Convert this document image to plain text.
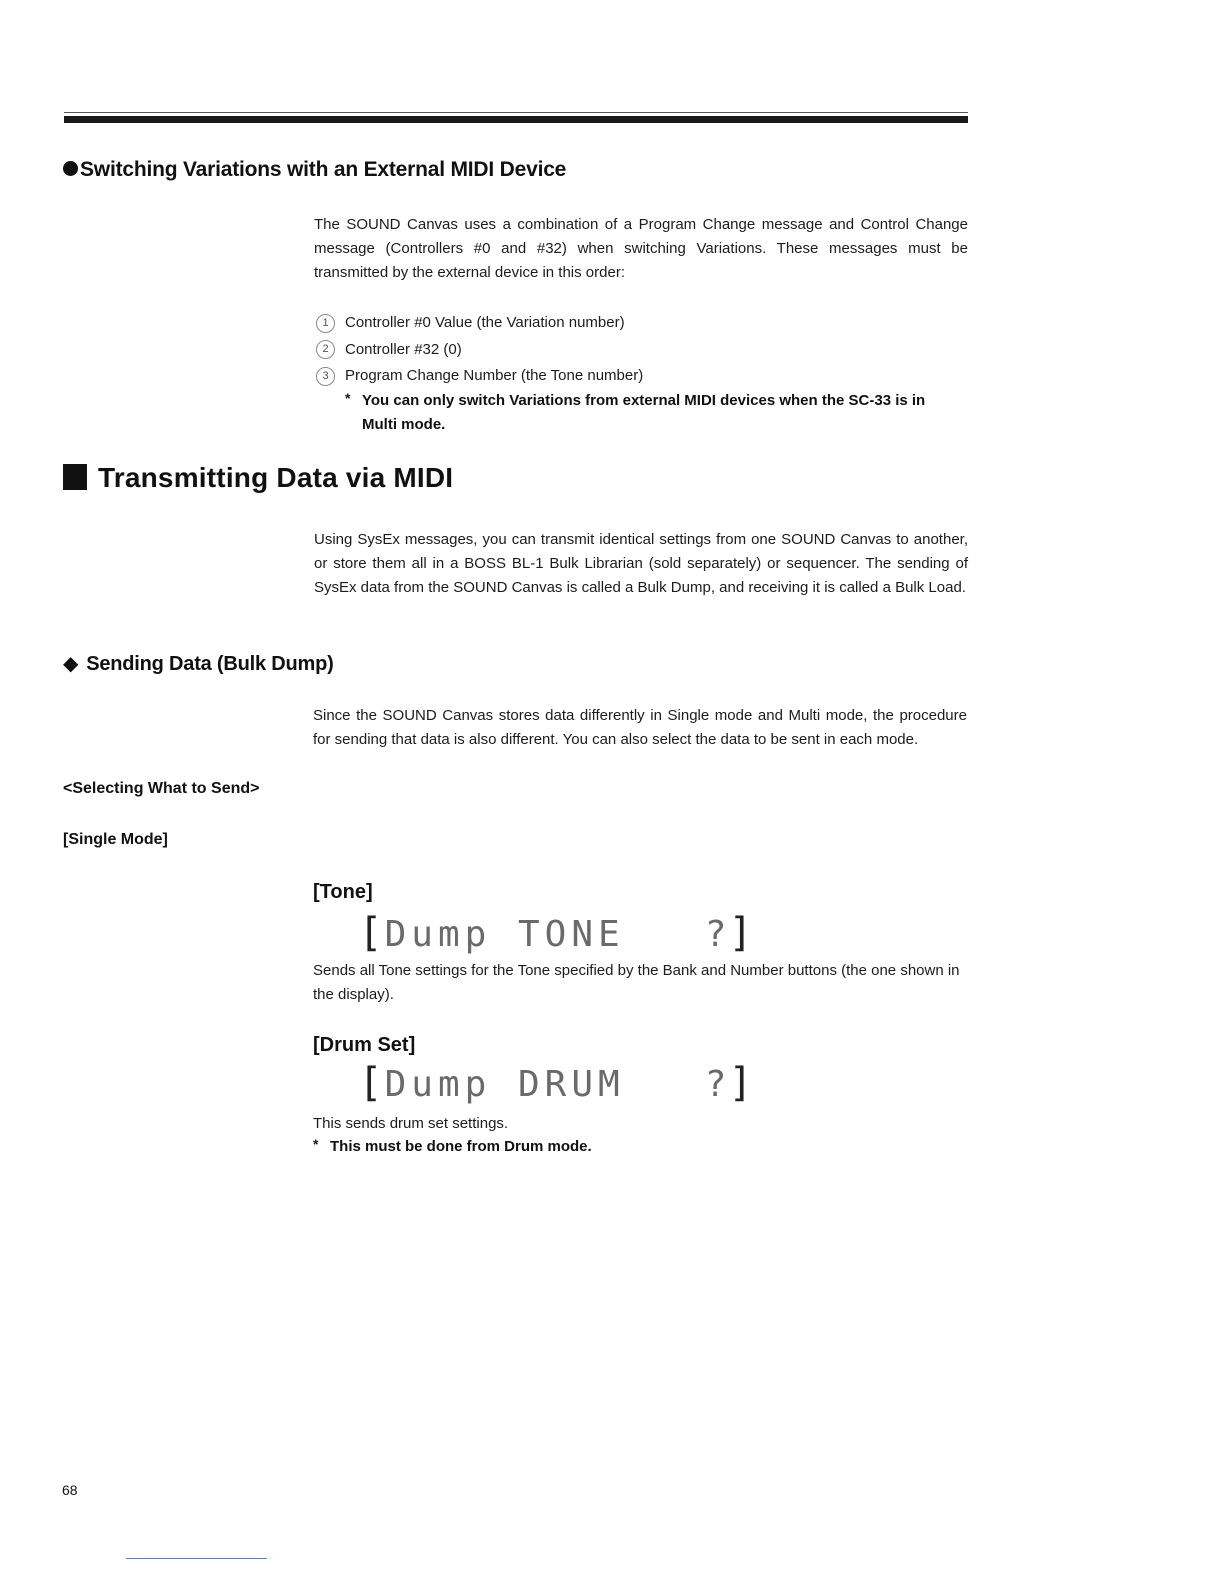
Switching Variations with an External MIDI Device
The SOUND Canvas uses a combination of a Program Change message and Control Change message (Controllers #0 and #32) when switching Variations. These messages must be transmitted by the external device in this order:
1	Controller #0 Value (the Variation number)
2	Controller #32 (0)
3	Program Change Number (the Tone number)
* You can only switch Variations from external MIDI devices when the SC-33 is in
Multi mode.
Transmitting Data via MIDI
Using SysEx messages, you can transmit identical settings from one SOUND Canvas to another, or store them all in a BOSS BL-1 Bulk Librarian (sold separately) or sequencer. The sending of SysEx data from the SOUND Canvas is called a Bulk Dump, and receiving it is called a Bulk Load.
◆ Sending Data (Bulk Dump)
Since the SOUND Canvas stores data differently in Single mode and Multi mode, the procedure for sending that data is also different. You can also select the data to be sent in each mode.
<Selecting What to Send>
[Single Mode]
[Tone]
[Dump TONE   ?]
Sends all Tone settings for the Tone specified by the Bank and Number buttons (the one shown in the display).
[Drum Set]
[Dump DRUM   ?]
This sends drum set settings.
* This must be done from Drum mode.
68
